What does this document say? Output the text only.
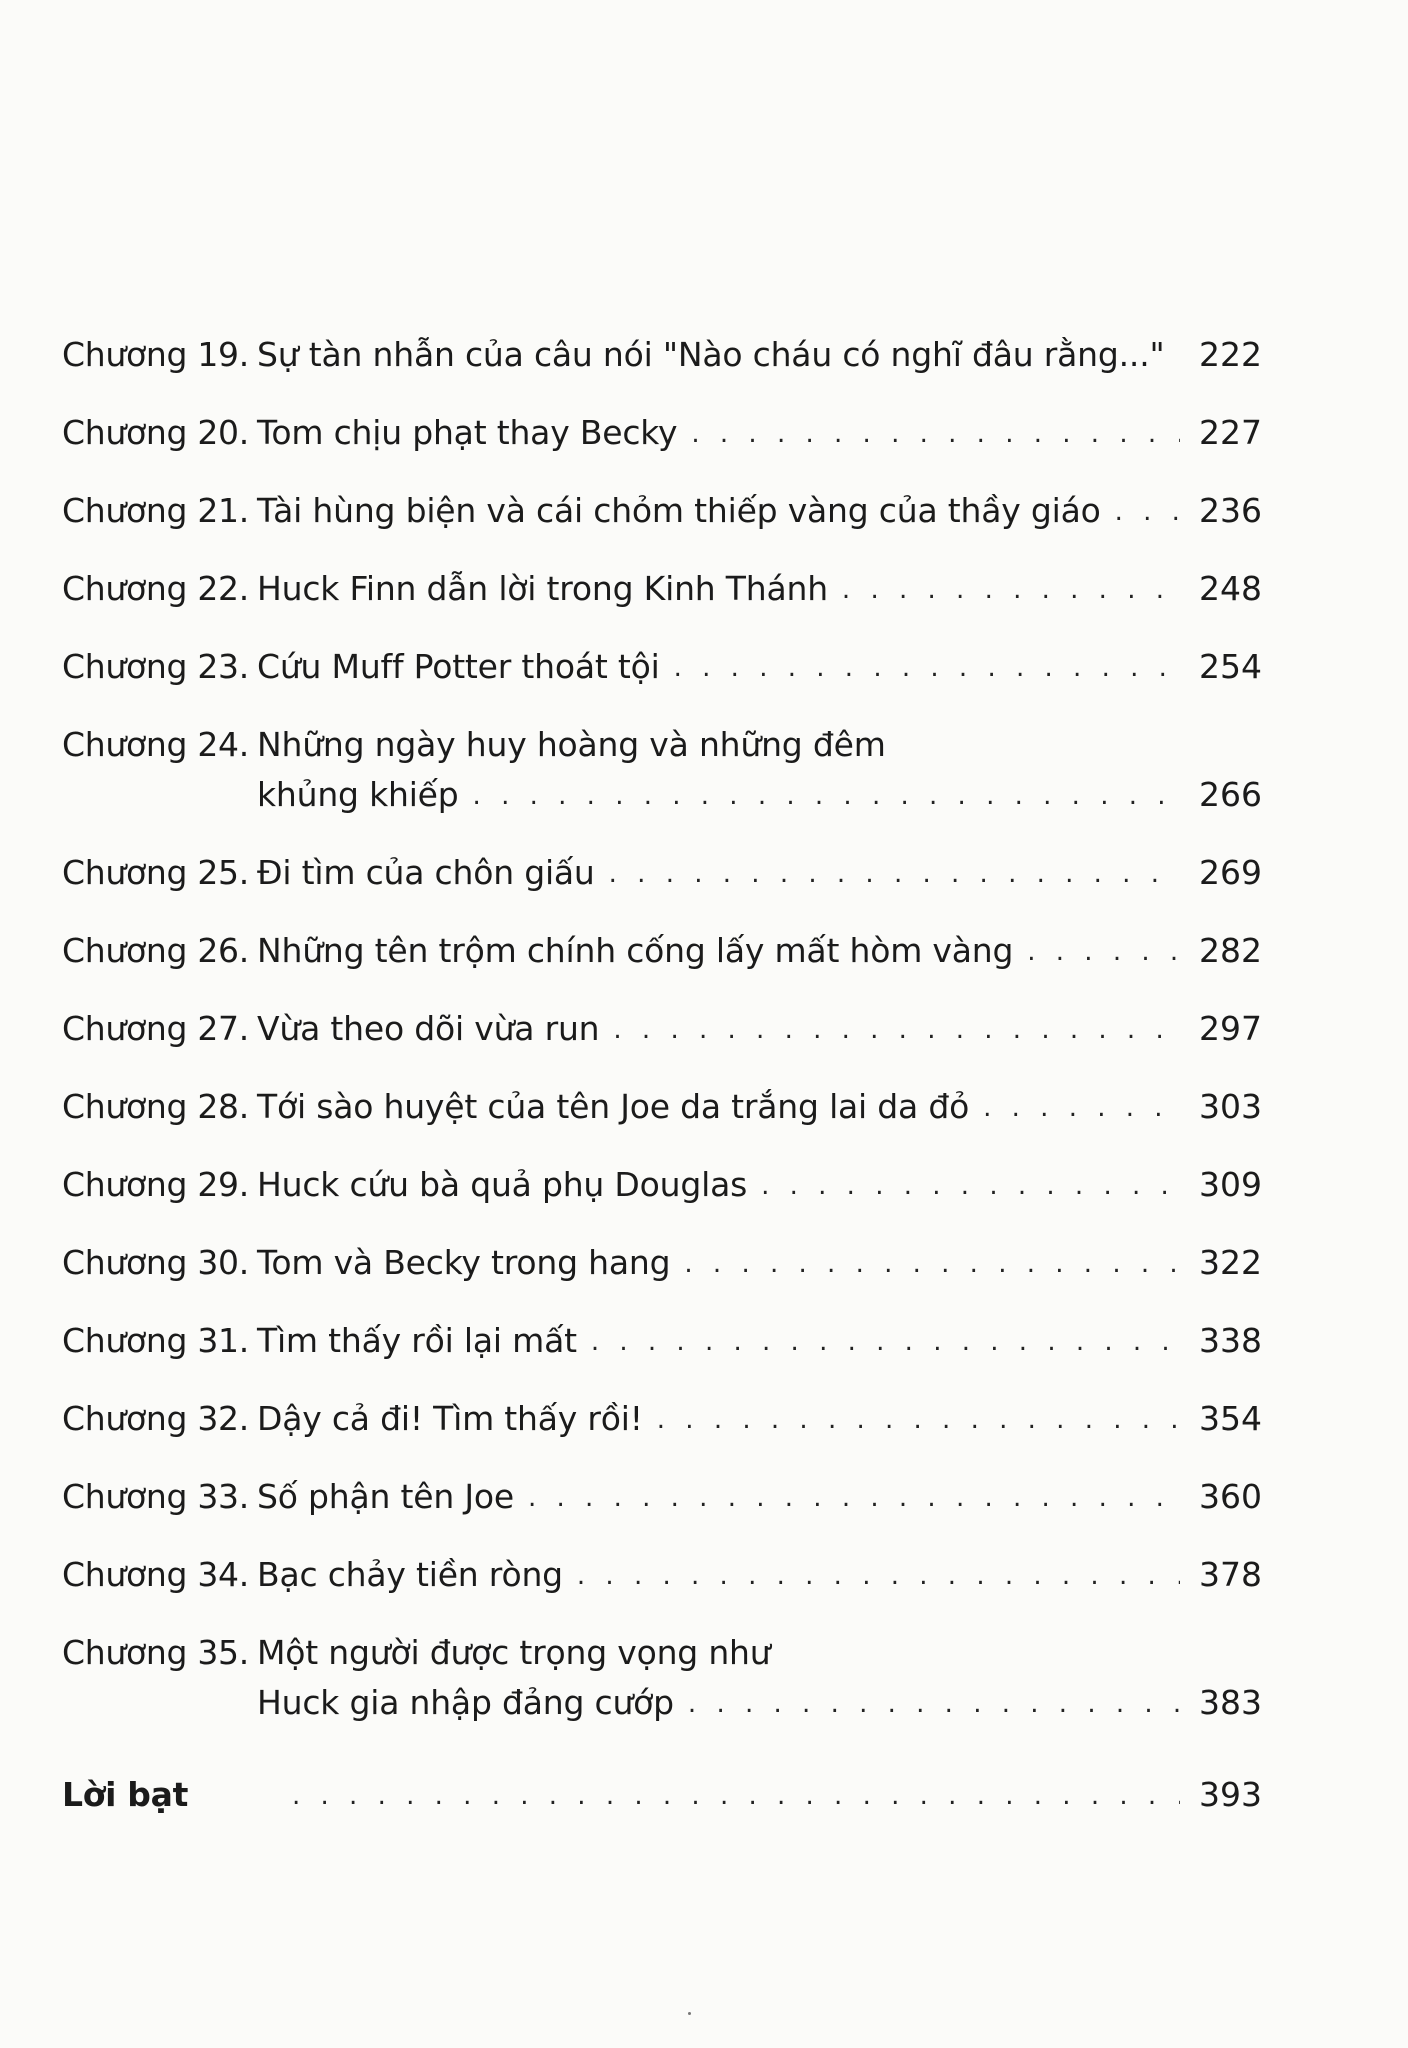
Chương 19. Sự tàn nhẫn của câu nói "Nào cháu có nghĩ đâu rằng..." 222
Chương 20. Tom chịu phạt thay Becky . . .	227
Chương 21. Tài hùng biện và cái chỏm thiếp vàng của thầy giáo . . .	236
Chương 22. Huck Finn dẫn lời trong Kinh Thánh . . .	248
Chương 23. Cứu Muff Potter thoát tội . . .	254
Chương 24. Những ngày huy hoàng và những đêm
khủng khiếp . . .	266
Chương 25. Đi tìm của chôn giấu . . .	269
Chương 26. Những tên trộm chính cống lấy mất hòm vàng . . .	282
Chương 27. Vừa theo dõi vừa run . . .	297
Chương 28. Tới sào huyệt của tên Joe da trắng lai da đỏ . . .	303
Chương 29. Huck cứu bà quả phụ Douglas . . .	309
Chương 30. Tom và Becky trong hang . . .	322
Chương 31. Tìm thấy rồi lại mất . . .	338
Chương 32. Dậy cả đi! Tìm thấy rồi! . . .	354
Chương 33. Số phận tên Joe . . .	360
Chương 34. Bạc chảy tiền ròng . . .	378
Chương 35. Một người được trọng vọng như
Huck gia nhập đảng cướp . . .	383
Lời bạt . . .	393
